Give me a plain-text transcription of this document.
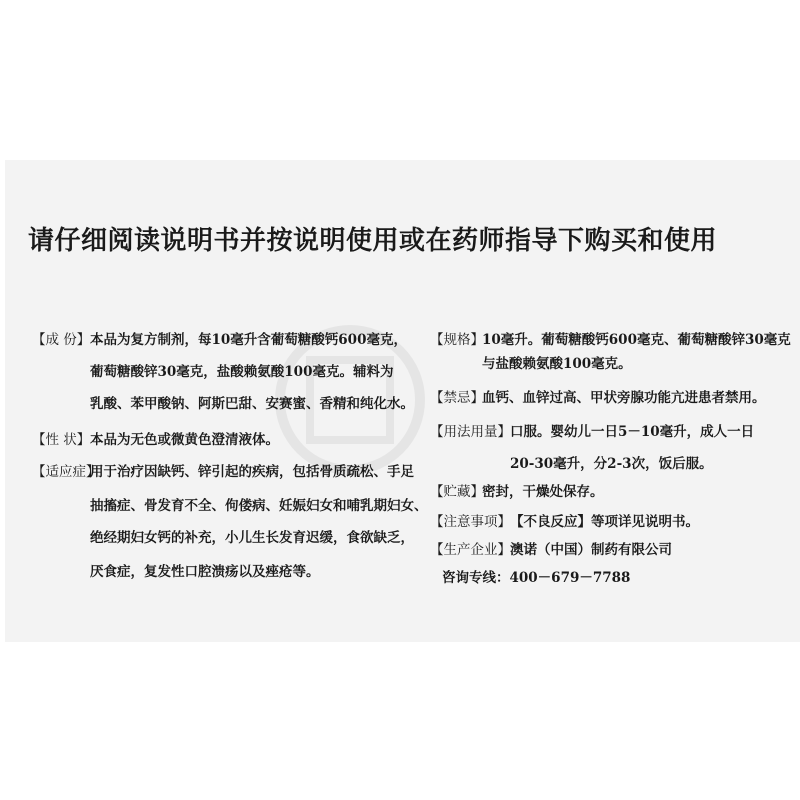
请仔细阅读说明书并按说明使用或在药师指导下购买和使用
【成 份】 本品为复方制剂，每10毫升含葡萄糖酸钙600毫克，
葡萄糖酸锌30毫克，盐酸赖氨酸100毫克。辅料为
乳酸、苯甲酸钠、阿斯巴甜、安赛蜜、香精和纯化水。
【性 状】 本品为无色或微黄色澄清液体。
【适应症】
用于治疗因缺钙、锌引起的疾病，包括骨质疏松、手足
抽搐症、骨发育不全、佝偻病、妊娠妇女和哺乳期妇女、
绝经期妇女钙的补充，小儿生长发育迟缓，食欲缺乏，
厌食症，复发性口腔溃疡以及痤疮等。
【规格】
10毫升。葡萄糖酸钙600毫克、葡萄糖酸锌30毫克
与盐酸赖氨酸100毫克。
【禁忌】
血钙、血锌过高、甲状旁腺功能亢进患者禁用。
【用法用量】 口服。婴幼儿一日5－10毫升，成人一日
20-30毫升，分2-3次，饭后服。
【贮藏】
密封，干燥处保存。
【注意事项】 【不良反应】等项详见说明书。
【生产企业】 澳诺（中国）制药有限公司
咨询专线：400－679－7788
